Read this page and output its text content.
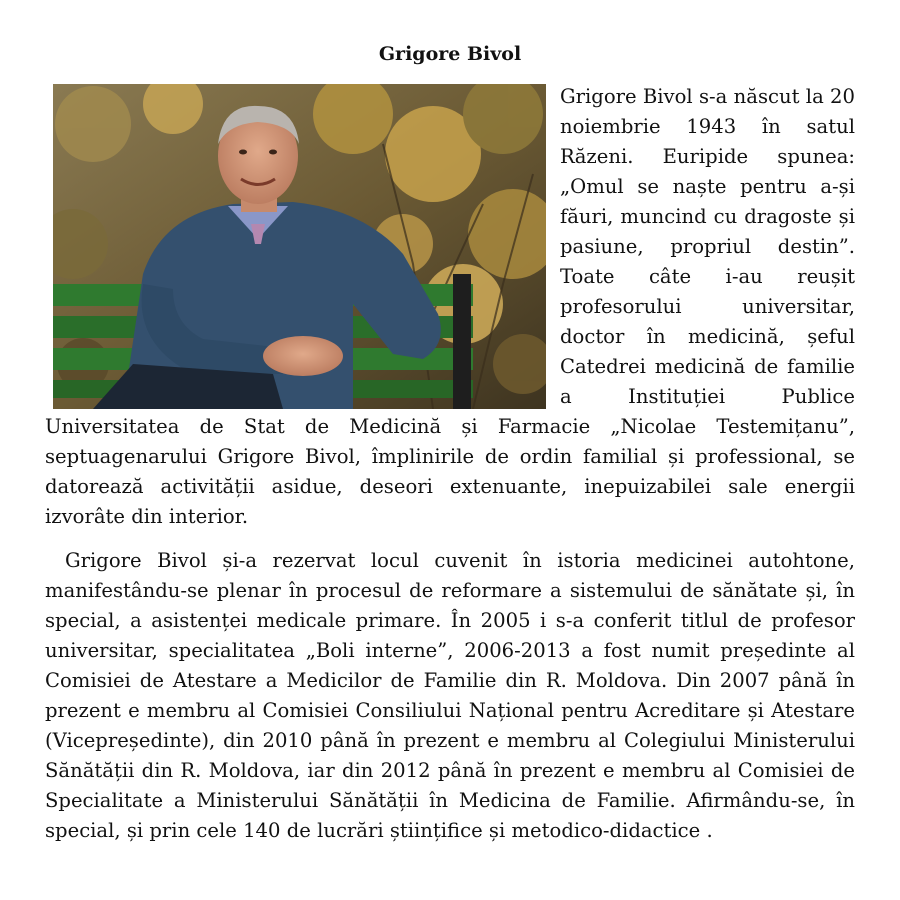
Grigore Bivol

Grigore Bivol s-a născut la 20 noiembrie 1943 în satul Răzeni. Euripide spunea: „Omul se naște pentru a-și făuri, muncind cu dragoste și pasiune, propriul destin”. Toate câte i-au reușit profesorului universitar, doctor în medicină, șeful Catedrei medicină de familie a Instituției Publice Universitatea de Stat de Medicină și Farmacie „Nicolae Testemițanu”, septuagenarului Grigore Bivol, împlinirile de ordin familial și professional, se datorează activității asidue, deseori extenuante, inepuizabilei sale energii izvorâte din interior.

Grigore Bivol și-a rezervat locul cuvenit în istoria medicinei autohtone, manifestându-se plenar în procesul de reformare a sistemului de sănătate și, în special, a asistenței medicale primare. În 2005 i s-a conferit titlul de profesor universitar, specialitatea „Boli interne”, 2006-2013 a fost numit președinte al Comisiei de Atestare a Medicilor de Familie din R. Moldova. Din 2007 până în prezent e membru al Comisiei Consiliului Național pentru Acreditare și Atestare (Vicepreședinte), din 2010 până în prezent e membru al Colegiului Ministerului Sănătății din R. Moldova, iar din 2012 până în prezent e membru al Comisiei de Specialitate a Ministerului Sănătății în Medicina de Familie. Afirmându-se, în special, și prin cele 140 de lucrări științifice și metodico-didactice .
